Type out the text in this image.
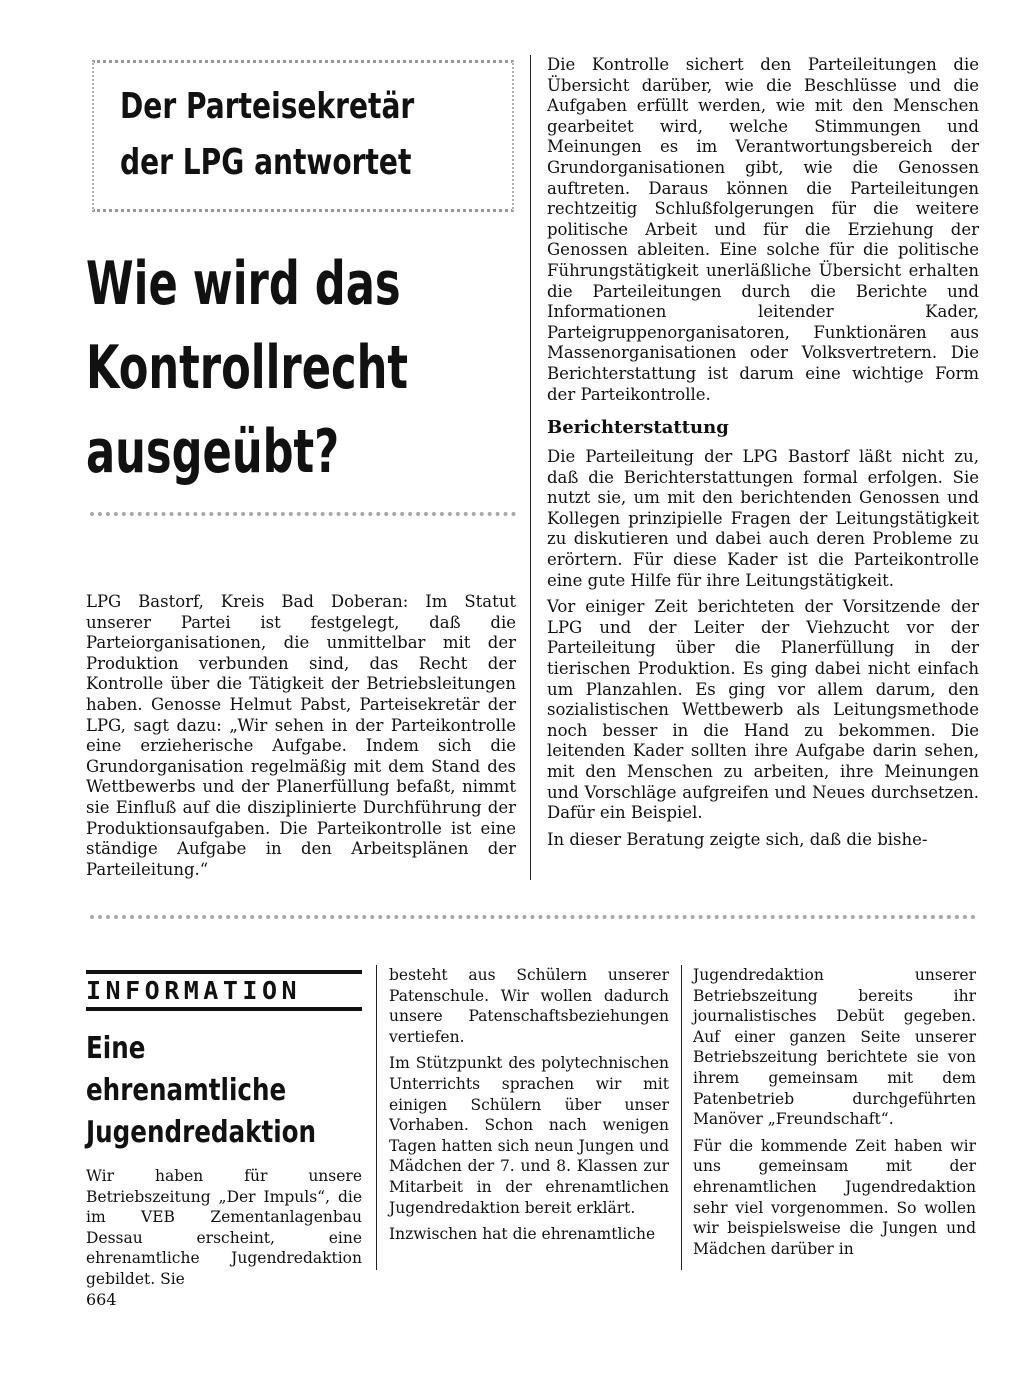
Der Parteisekretär
der LPG antwortet
Wie wird das
Kontrollrecht
ausgeübt?

LPG Bastorf, Kreis Bad Doberan: Im Statut unserer Partei ist festgelegt, daß die Parteiorganisationen, die unmittelbar mit der Produktion verbunden sind, das Recht der Kontrolle über die Tätigkeit der Betriebsleitungen haben. Genosse Helmut Pabst, Parteisekretär der LPG, sagt dazu: „Wir sehen in der Parteikontrolle eine erzieherische Aufgabe. Indem sich die Grundorganisation regelmäßig mit dem Stand des Wettbewerbs und der Planerfüllung befaßt, nimmt sie Einfluß auf die disziplinierte Durchführung der Produktionsaufgaben. Die Parteikontrolle ist eine ständige Aufgabe in den Arbeitsplänen der Parteileitung.“

Die Kontrolle sichert den Parteileitungen die Übersicht darüber, wie die Beschlüsse und die Aufgaben erfüllt werden, wie mit den Menschen gearbeitet wird, welche Stimmungen und Meinungen es im Verantwortungsbereich der Grundorganisationen gibt, wie die Genossen auftreten. Daraus können die Parteileitungen rechtzeitig Schlußfolgerungen für die weitere politische Arbeit und für die Erziehung der Genossen ableiten. Eine solche für die politische Führungstätigkeit unerläßliche Übersicht erhalten die Parteileitungen durch die Berichte und Informationen leitender Kader, Parteigruppenorganisatoren, Funktionären aus Massenorganisationen oder Volksvertretern. Die Berichterstattung ist darum eine wichtige Form der Parteikontrolle.

Berichterstattung

Die Parteileitung der LPG Bastorf läßt nicht zu, daß die Berichterstattungen formal erfolgen. Sie nutzt sie, um mit den berichtenden Genossen und Kollegen prinzipielle Fragen der Leitungstätigkeit zu diskutieren und dabei auch deren Probleme zu erörtern. Für diese Kader ist die Parteikontrolle eine gute Hilfe für ihre Leitungstätigkeit.

Vor einiger Zeit berichteten der Vorsitzende der LPG und der Leiter der Viehzucht vor der Parteileitung über die Planerfüllung in der tierischen Produktion. Es ging dabei nicht einfach um Planzahlen. Es ging vor allem darum, den sozialistischen Wettbewerb als Leitungsmethode noch besser in die Hand zu bekommen. Die leitenden Kader sollten ihre Aufgabe darin sehen, mit den Menschen zu arbeiten, ihre Meinungen und Vorschläge aufgreifen und Neues durchsetzen. Dafür ein Beispiel.

In dieser Beratung zeigte sich, daß die bishe-

INFORMATION
Eine
ehrenamtliche
Jugendredaktion

Wir haben für unsere Betriebszeitung „Der Impuls“, die im VEB Zementanlagenbau Dessau erscheint, eine ehrenamtliche Jugendredaktion gebildet. Sie

besteht aus Schülern unserer Patenschule. Wir wollen dadurch unsere Patenschaftsbeziehungen vertiefen.

Im Stützpunkt des polytechnischen Unterrichts sprachen wir mit einigen Schülern über unser Vorhaben. Schon nach wenigen Tagen hatten sich neun Jungen und Mädchen der 7. und 8. Klassen zur Mitarbeit in der ehrenamtlichen Jugendredaktion bereit erklärt.

Inzwischen hat die ehrenamtliche

Jugendredaktion unserer Betriebszeitung bereits ihr journalistisches Debüt gegeben. Auf einer ganzen Seite unserer Betriebszeitung berichtete sie von ihrem gemeinsam mit dem Patenbetrieb durchgeführten Manöver „Freundschaft“.

Für die kommende Zeit haben wir uns gemeinsam mit der ehrenamtlichen Jugendredaktion sehr viel vorgenommen. So wollen wir beispielsweise die Jungen und Mädchen darüber in

664
